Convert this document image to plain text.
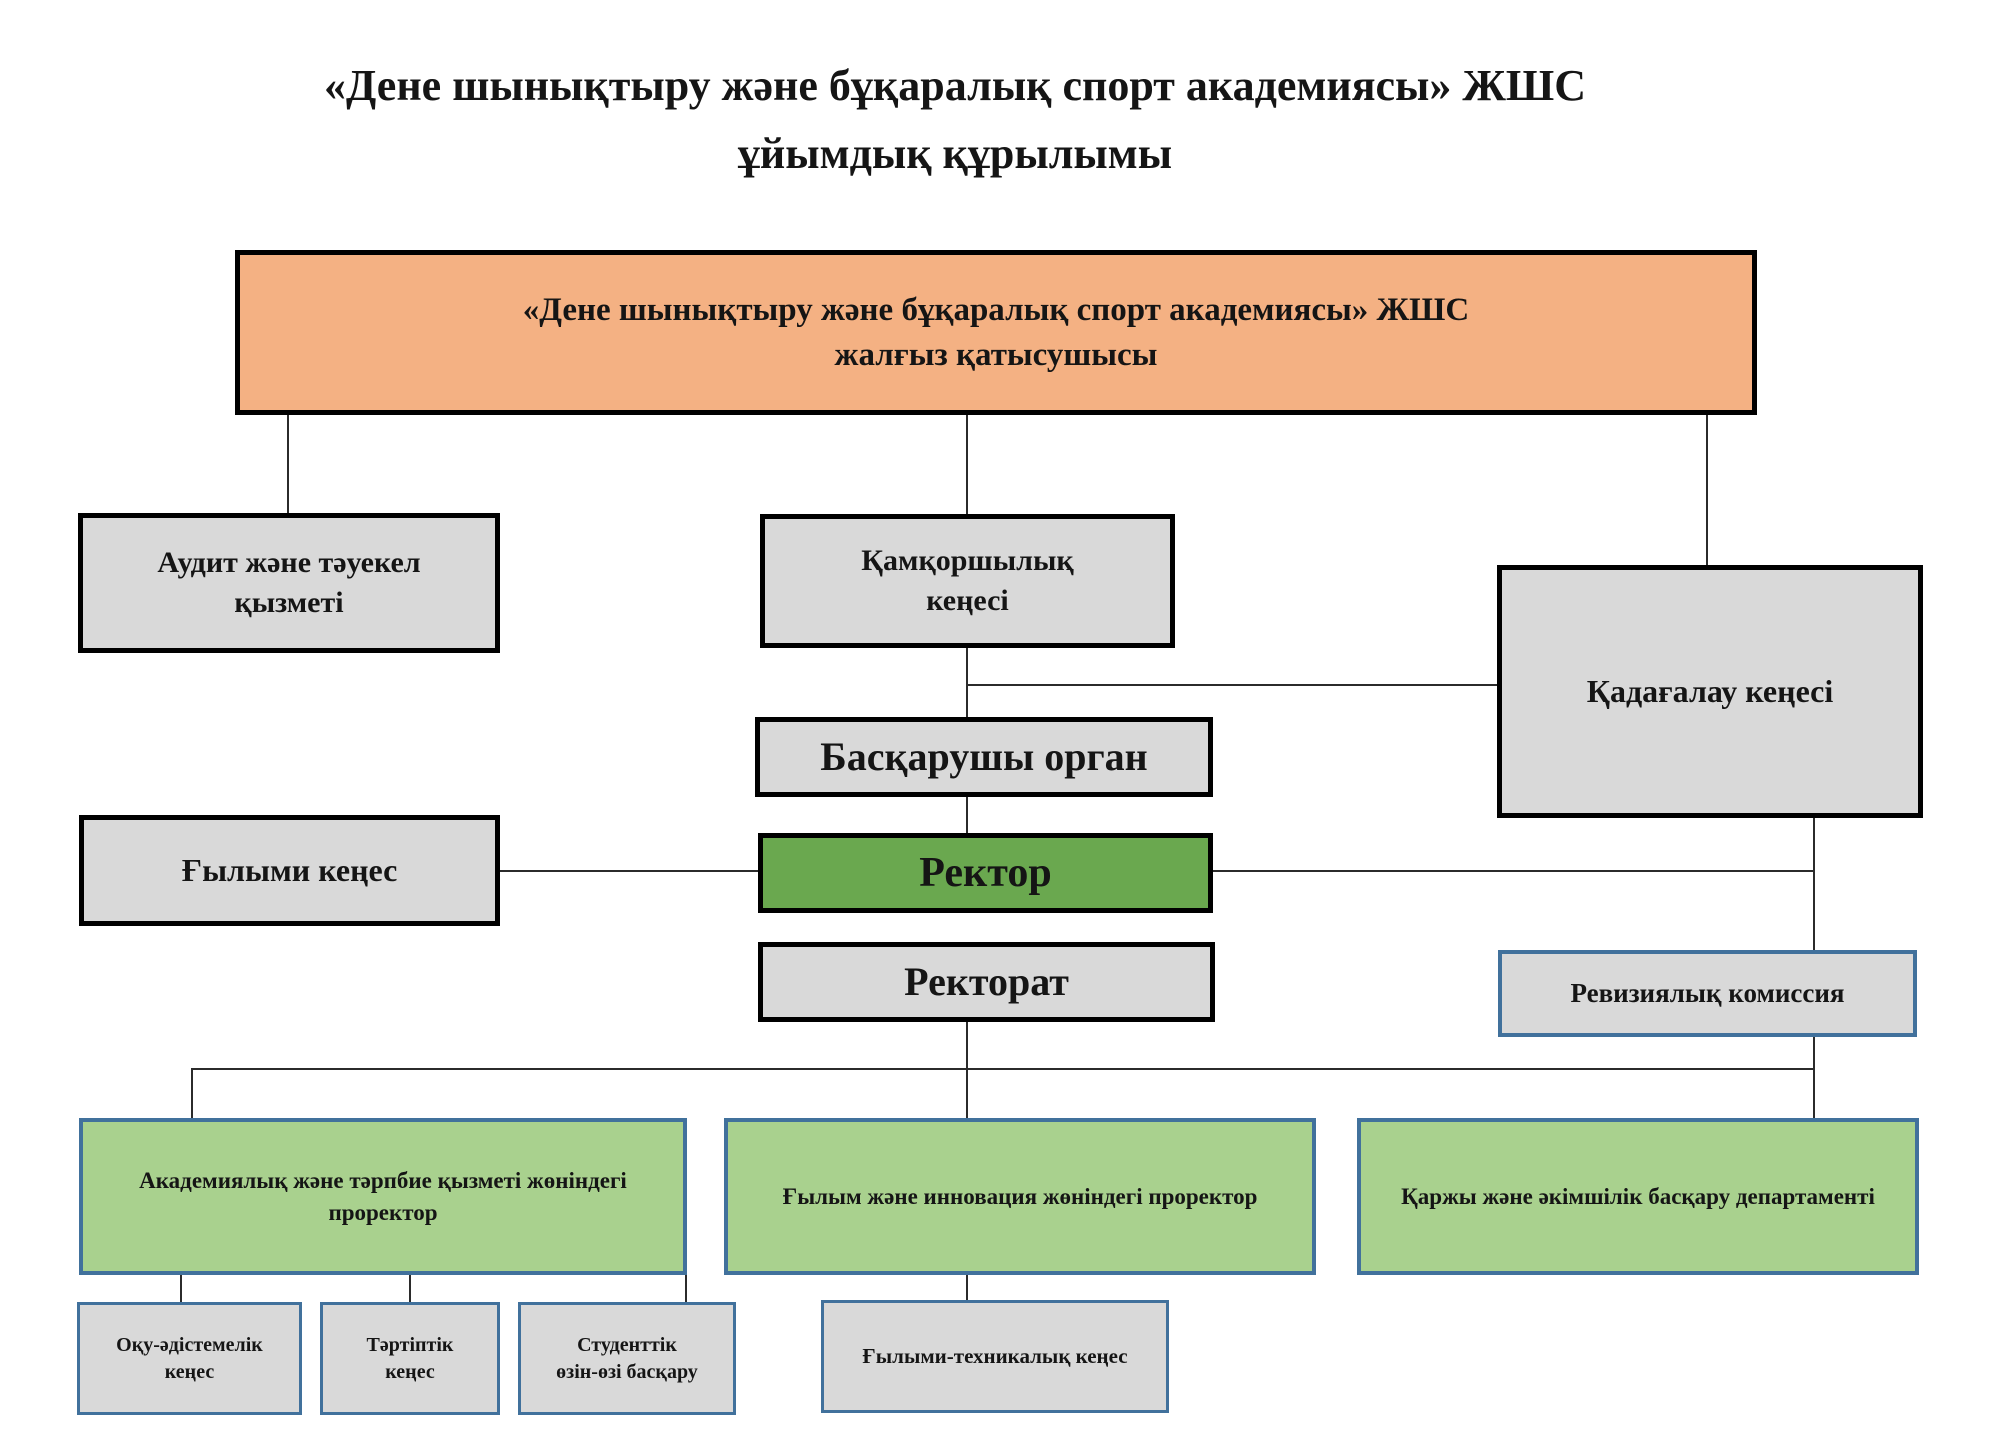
«Дене шынықтыру және бұқаралық спорт академиясы» ЖШС
ұйымдық құрылымы
«Дене шынықтыру және бұқаралық спорт академиясы» ЖШС
жалғыз қатысушысы
Аудит және тәуекел
қызметі
Қамқоршылық
кеңесі
Қадағалау кеңесі
Басқарушы орган
Ғылыми кеңес	Ректор
Ректорат	Ревизиялық комиссия
Академиялық және тәрпбие қызметі жөніндегі
проректор
Ғылым және инновация жөніндегі проректор	Қаржы және әкімшілік басқару департаменті
Оқу-әдістемелік
кеңес
Тәртіптік
кеңес
Студенттік
өзін-өзі басқару
Ғылыми-техникалық кеңес
